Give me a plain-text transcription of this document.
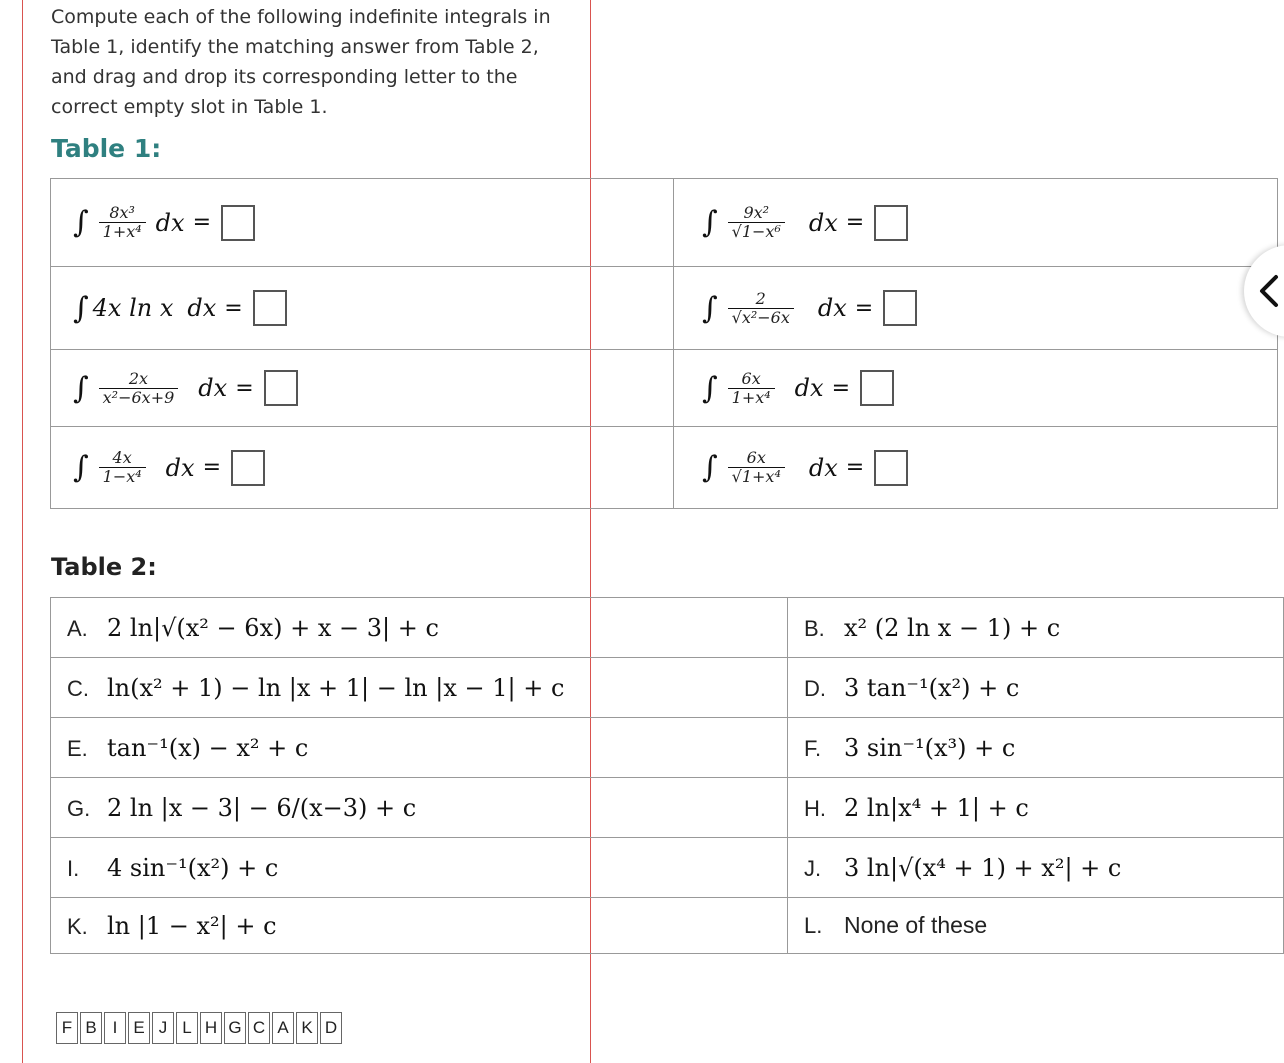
Compute each of the following indefinite integrals in Table 1, identify the matching answer from Table 2, and drag and drop its corresponding letter to the correct empty slot in Table 1.
Table 1:
∫ $\frac{\text{8x³}}{\text{1+x⁴}}$ dx =	∫ $\frac{\text{9x²}}{\text{√1−x⁶}}$ dx =

∫ 4x ln x dx =	∫ $\frac{2}{\text{√x²−6x}}$ dx =

∫ $\frac{2x}{\text{x²−6x+9}}$ dx =	∫ $\frac{6x}{\text{1+x⁴}}$ dx =

∫ $\frac{4x}{\text{1−x⁴}}$ dx =	∫ $\frac{6x}{\text{√1+x⁴}}$ dx =
Table 2:
A. 2 ln|√(x² − 6x) + x − 3| + c	B. x² (2 ln x − 1) + c
C. ln(x² + 1) − ln |x + 1| − ln |x − 1| + c	D. 3 tan⁻¹(x²) + c
E. tan⁻¹(x) − x² + c	F. 3 sin⁻¹(x³) + c
G. 2 ln |x − 3| − 6/(x−3) + c	H. 2 ln|x⁴ + 1| + c
I. 4 sin⁻¹(x²) + c	J. 3 ln|√(x⁴ + 1) + x²| + c
K. ln |1 − x²| + c	L. None of these
F B I E J L H G C A K D
